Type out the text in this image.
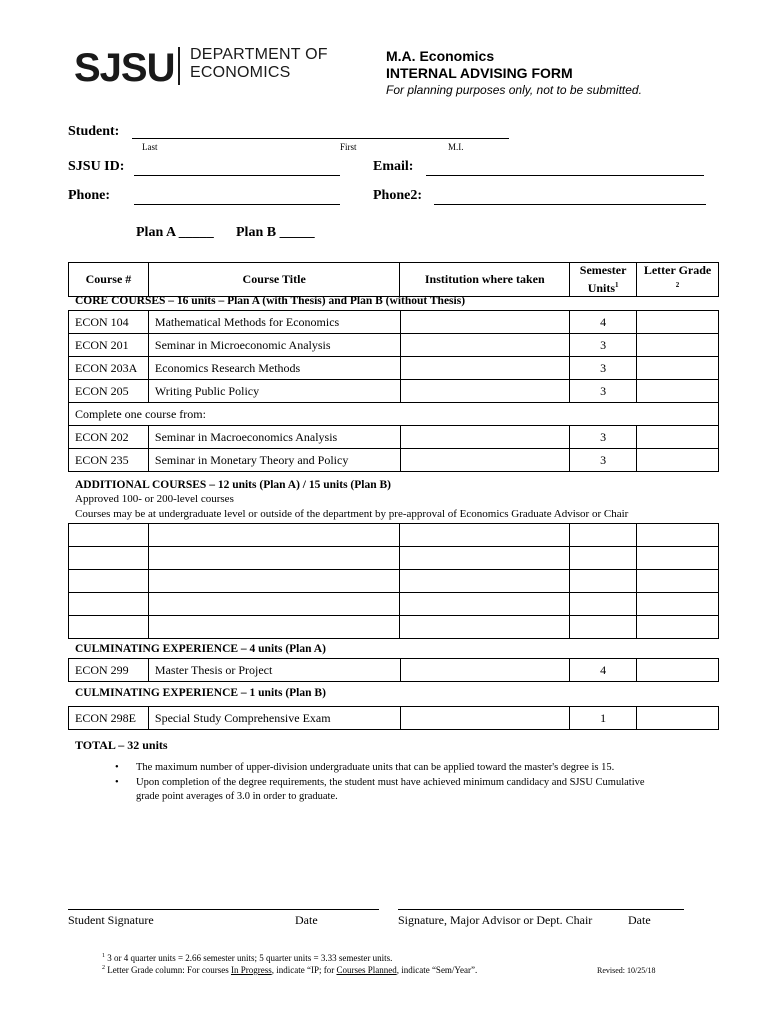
SJSU DEPARTMENT OF
ECONOMICS
M.A. Economics
INTERNAL ADVISING FORM
For planning purposes only, not to be submitted.
Student:
Last	First	M.I.
SJSU ID:	Email:
Phone:	Phone2:
Plan A _____ Plan B _____
Course #	Course Title	Institution where taken	Semester Units$^1$	Letter Grade
$^2$
CORE COURSES – 16 units – Plan A (with Thesis) and Plan B (without Thesis)
ECON 104	Mathematical Methods for Economics		4	
ECON 201	Seminar in Microeconomic Analysis		3	
ECON 203A	Economics Research Methods		3	
ECON 205	Writing Public Policy		3	
Complete one course from:				
ECON 202	Seminar in Macroeconomics Analysis		3	
ECON 235	Seminar in Monetary Theory and Policy		3	
ADDITIONAL COURSES – 12 units (Plan A) / 15 units (Plan B)
Approved 100- or 200-level courses
Courses may be at undergraduate level or outside of the department by pre-approval of Economics Graduate Advisor or Chair

CULMINATING EXPERIENCE – 4 units (Plan A)
ECON 299	Master Thesis or Project		4	
CULMINATING EXPERIENCE – 1 units (Plan B)
ECON 298E	Special Study Comprehensive Exam		1	
TOTAL – 32 units
• The maximum number of upper-division undergraduate units that can be applied toward the master's degree is 15.
• Upon completion of the degree requirements, the student must have achieved minimum candidacy and SJSU Cumulative grade point averages of 3.0 in order to graduate.
Student Signature	Date	Signature, Major Advisor or Dept. Chair	Date
$^1$ 3 or 4 quarter units = 2.66 semester units; 5 quarter units = 3.33 semester units.
$^2$ Letter Grade column: For courses In Progress, indicate “IP; for Courses Planned, indicate “Sem/Year”.	Revised: 10/25/18
